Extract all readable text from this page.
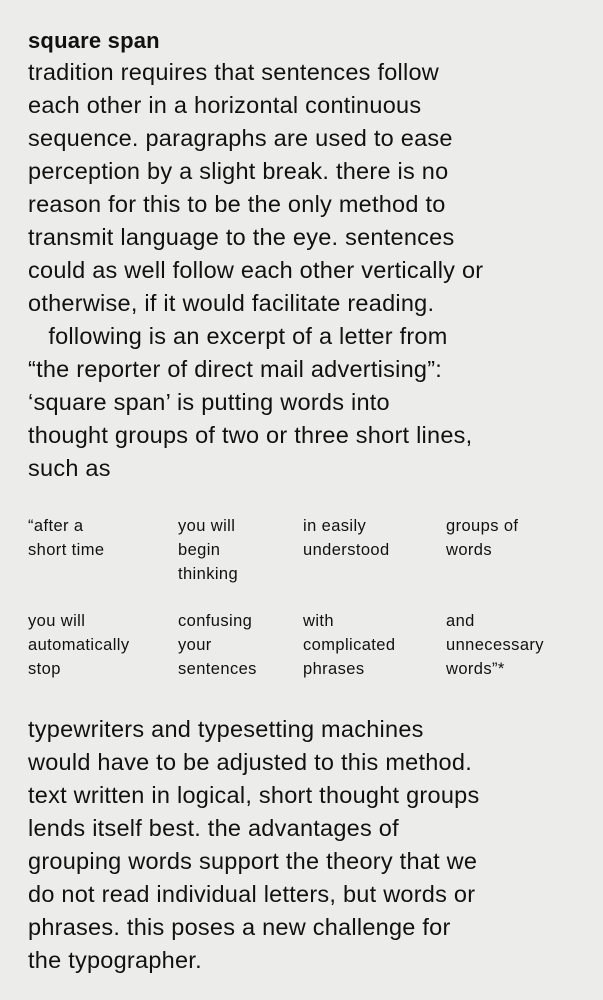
square span
tradition requires that sentences follow
each other in a horizontal continuous
sequence. paragraphs are used to ease
perception by a slight break. there is no
reason for this to be the only method to
transmit language to the eye. sentences
could as well follow each other vertically or
otherwise, if it would facilitate reading.
following is an excerpt of a letter from
“the reporter of direct mail advertising”:
‘square span’ is putting words into
thought groups of two or three short lines,
such as
“after a
short time
you will
begin
thinking
in easily
understood
groups of
words
you will
automatically
stop
confusing
your
sentences
with
complicated
phrases
and
unnecessary
words”*
typewriters and typesetting machines
would have to be adjusted to this method.
text written in logical, short thought groups
lends itself best. the advantages of
grouping words support the theory that we
do not read individual letters, but words or
phrases. this poses a new challenge for
the typographer.
